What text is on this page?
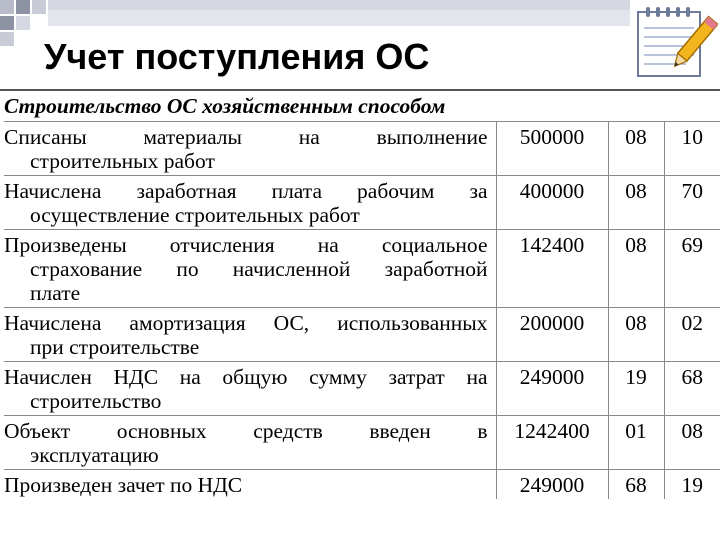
Учет поступления ОС
Строительство ОС хозяйственным способом			

Списаны материалы на выполнение
строительных работ	500000	08	10

Начислена заработная плата рабочим за
осуществление строительных работ	400000	08	70

Произведены отчисления на социальное
страхование по начисленной заработной
плате	142400	08	69

Начислена амортизация ОС, использованных
при строительстве	200000	08	02

Начислен НДС на общую сумму затрат на
строительство	249000	19	68

Объект основных средств введен в
эксплуатацию	1242400	01	08

Произведен зачет по НДС	249000	68	19
